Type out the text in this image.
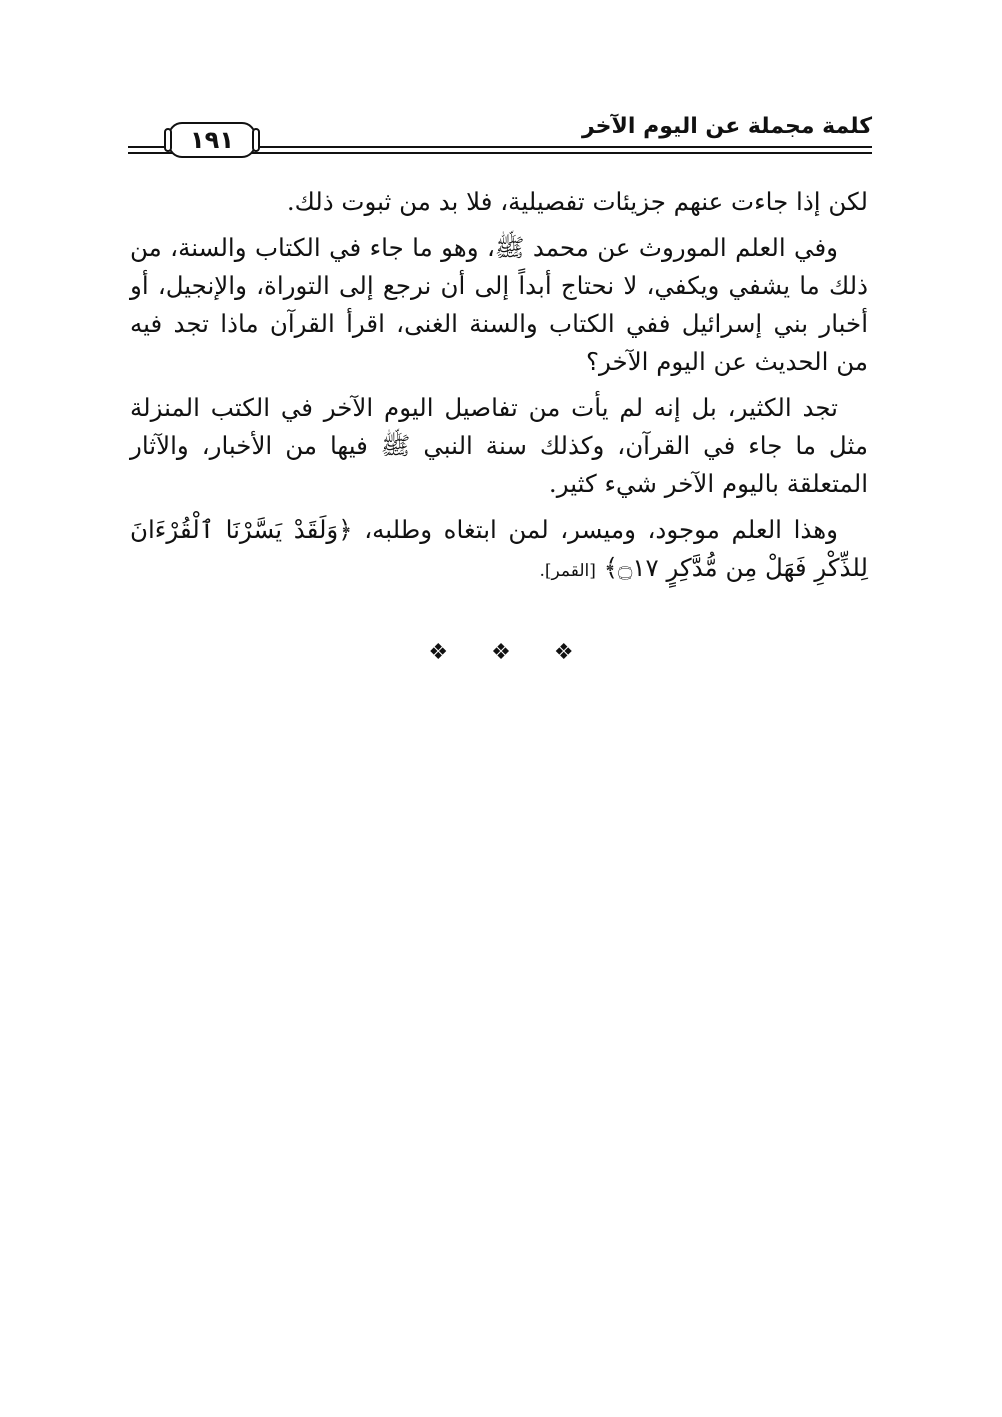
كلمة مجملة عن اليوم الآخر
١٩١

لكن إذا جاءت عنهم جزيئات تفصيلية، فلا بد من ثبوت ذلك.

وفي العلم الموروث عن محمد ﷺ، وهو ما جاء في الكتاب والسنة، من ذلك ما يشفي ويكفي، لا نحتاج أبداً إلى أن نرجع إلى التوراة، والإنجيل، أو أخبار بني إسرائيل ففي الكتاب والسنة الغنى، اقرأ القرآن ماذا تجد فيه من الحديث عن اليوم الآخر؟

تجد الكثير، بل إنه لم يأت من تفاصيل اليوم الآخر في الكتب المنزلة مثل ما جاء في القرآن، وكذلك سنة النبي ﷺ فيها من الأخبار، والآثار المتعلقة باليوم الآخر شيء كثير.

وهذا العلم موجود، وميسر، لمن ابتغاه وطلبه، ﴿وَلَقَدْ يَسَّرْنَا ٱلْقُرْءَانَ لِلذِّكْرِ فَهَلْ مِن مُّدَّكِرٍ ۝١٧﴾ [القمر].

❖ ❖ ❖
